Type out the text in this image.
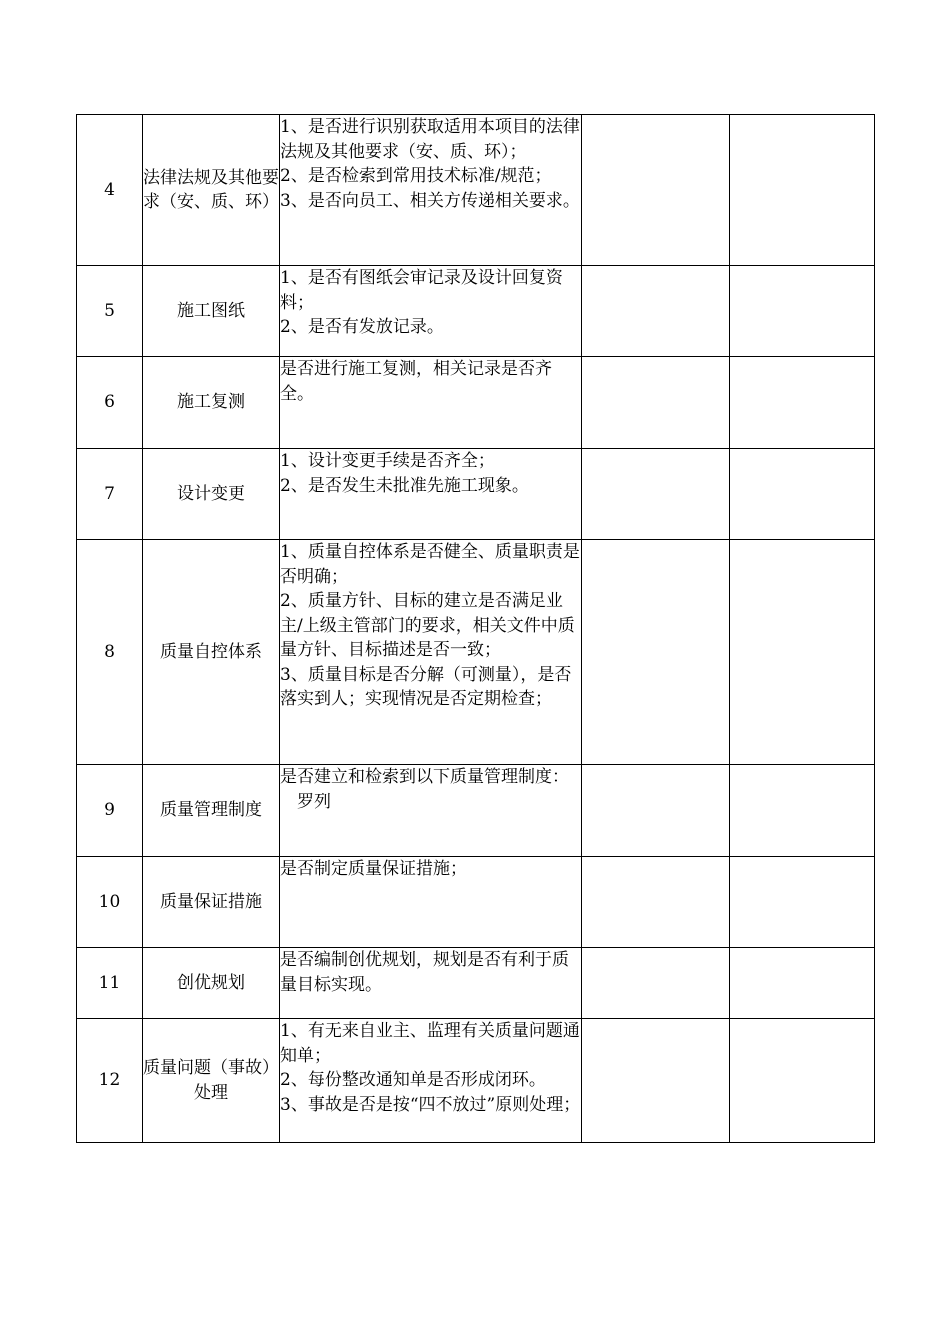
4	法律法规及其他要求（安、质、环）	1、是否进行识别获取适用本项目的法律法规及其他要求（安、质、环）；
2、是否检索到常用技术标准/规范；
3、是否向员工、相关方传递相关要求。		

5	施工图纸	1、是否有图纸会审记录及设计回复资料；
2、是否有发放记录。		

6	施工复测	是否进行施工复测，相关记录是否齐全。		

7	设计变更	1、设计变更手续是否齐全；
2、是否发生未批准先施工现象。		

8	质量自控体系	1、质量自控体系是否健全、质量职责是否明确；
2、质量方针、目标的建立是否满足业主/上级主管部门的要求，相关文件中质量方针、目标描述是否一致；
3、质量目标是否分解（可测量），是否落实到人；实现情况是否定期检查；		

9	质量管理制度	是否建立和检索到以下质量管理制度：
　罗列		

10	质量保证措施	是否制定质量保证措施；		

11	创优规划	是否编制创优规划，规划是否有利于质量目标实现。		

12	质量问题（事故）处理	1、有无来自业主、监理有关质量问题通知单；
2、每份整改通知单是否形成闭环。
3、事故是否是按“四不放过”原则处理；		
